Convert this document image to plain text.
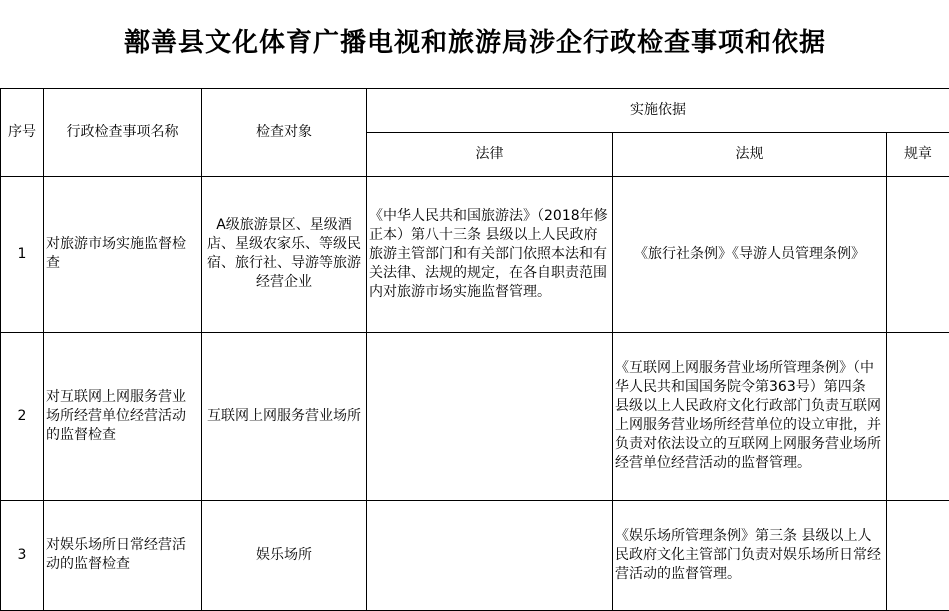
鄯善县文化体育广播电视和旅游局涉企行政检查事项和依据					
序号	行政检查事项名称	检查对象	实施依据		
			法律	法规	规章
1	对旅游市场实施监督检查	A级旅游景区、星级酒店、星级农家乐、等级民宿、旅行社、导游等旅游经营企业	《中华人民共和国旅游法》（2018年修正本）第八十三条 县级以上人民政府旅游主管部门和有关部门依照本法和有关法律、法规的规定，在各自职责范围内对旅游市场实施监督管理。	《旅行社条例》《导游人员管理条例》	
2	对互联网上网服务营业场所经营单位经营活动的监督检查	互联网上网服务营业场所		《互联网上网服务营业场所管理条例》（中华人民共和国国务院令第363号）第四条 县级以上人民政府文化行政部门负责互联网上网服务营业场所经营单位的设立审批，并负责对依法设立的互联网上网服务营业场所经营单位经营活动的监督管理。	
3	对娱乐场所日常经营活动的监督检查	娱乐场所		《娱乐场所管理条例》第三条 县级以上人民政府文化主管部门负责对娱乐场所日常经营活动的监督管理。	
